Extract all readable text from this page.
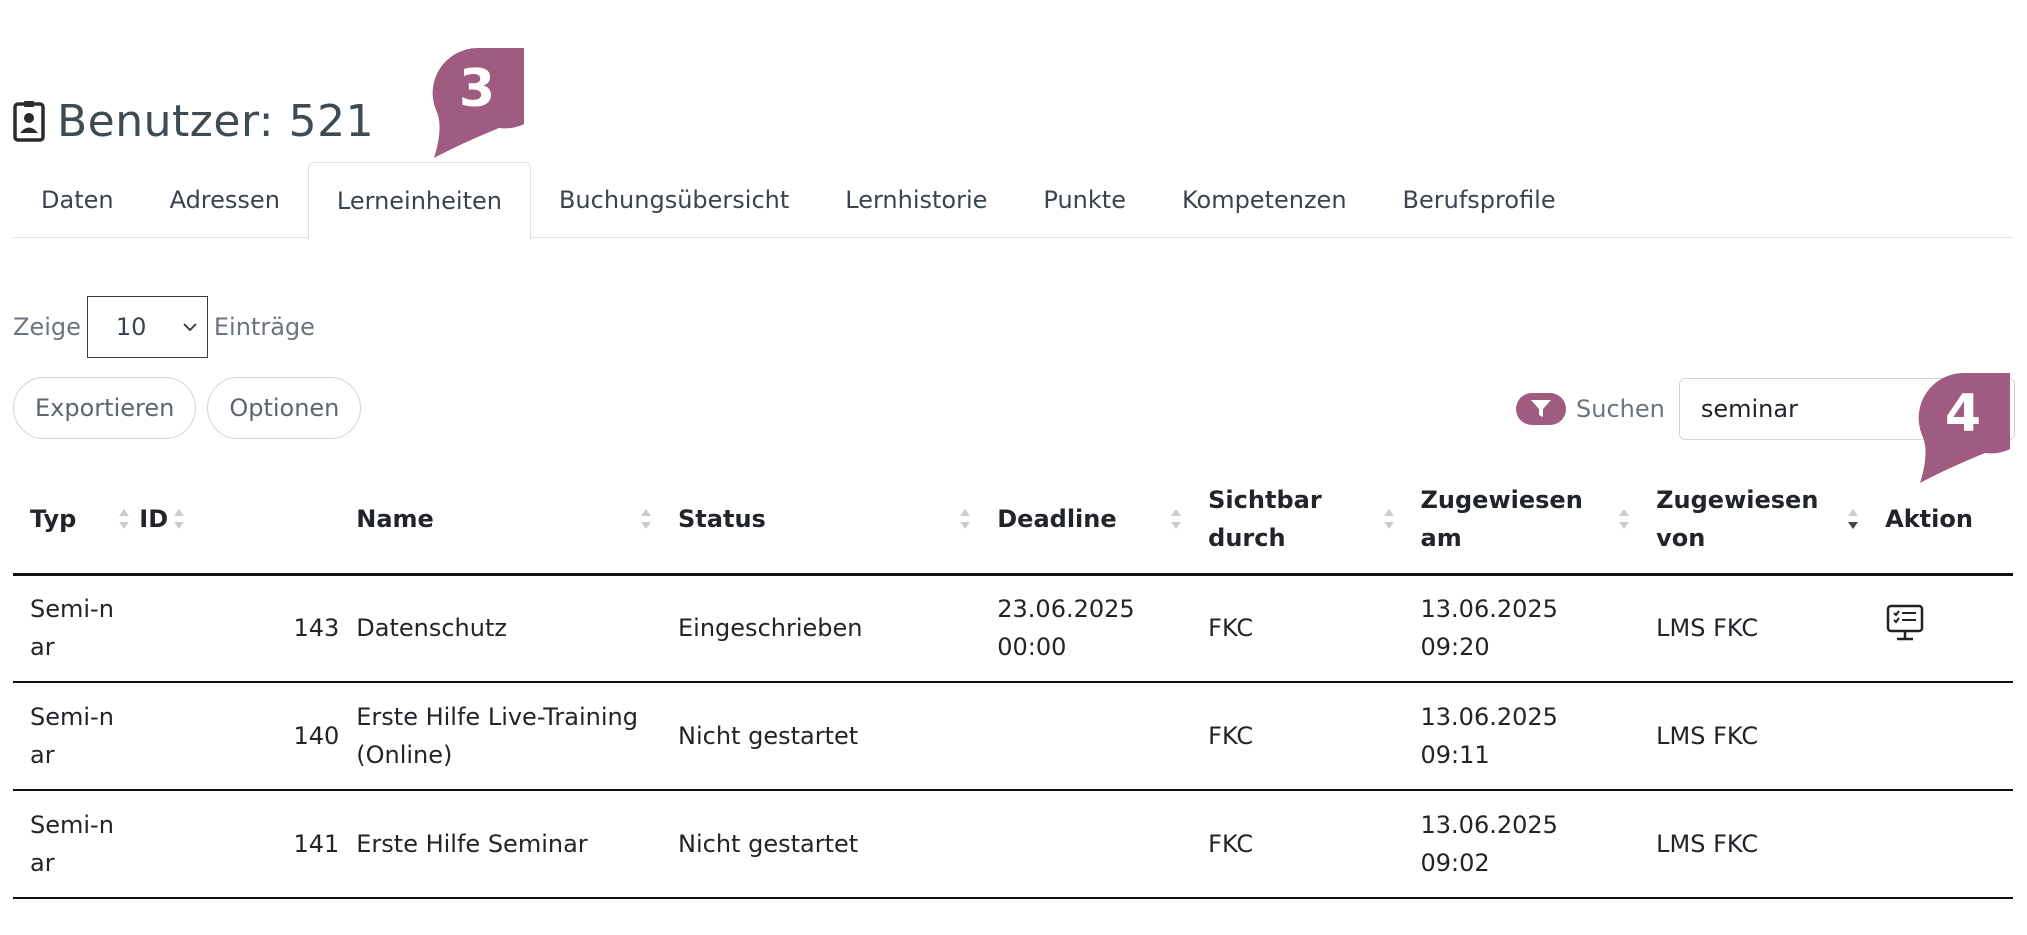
Benutzer: 521
3
Daten	Adressen	Lerneinheiten	Buchungsübersicht	Lernhistorie	Punkte	Kompetenzen	Berufsprofile
Zeige 10	Einträge
Exportieren	Optionen	Suchen
seminar	4
Typ	ID	Name	Status	Deadline	Sichtbar durch	Zugewiesen am	Zugewiesen von	Aktion
Semi-nar	143	Datenschutz	Eingeschrieben	23.06.2025 00:00	FKC	13.06.2025 09:20	LMS FKC	
Semi-nar	140	Erste Hilfe Live-Training (Online)	Nicht gestartet		FKC	13.06.2025 09:11	LMS FKC	
Semi-nar	141	Erste Hilfe Seminar	Nicht gestartet		FKC	13.06.2025 09:02	LMS FKC	
